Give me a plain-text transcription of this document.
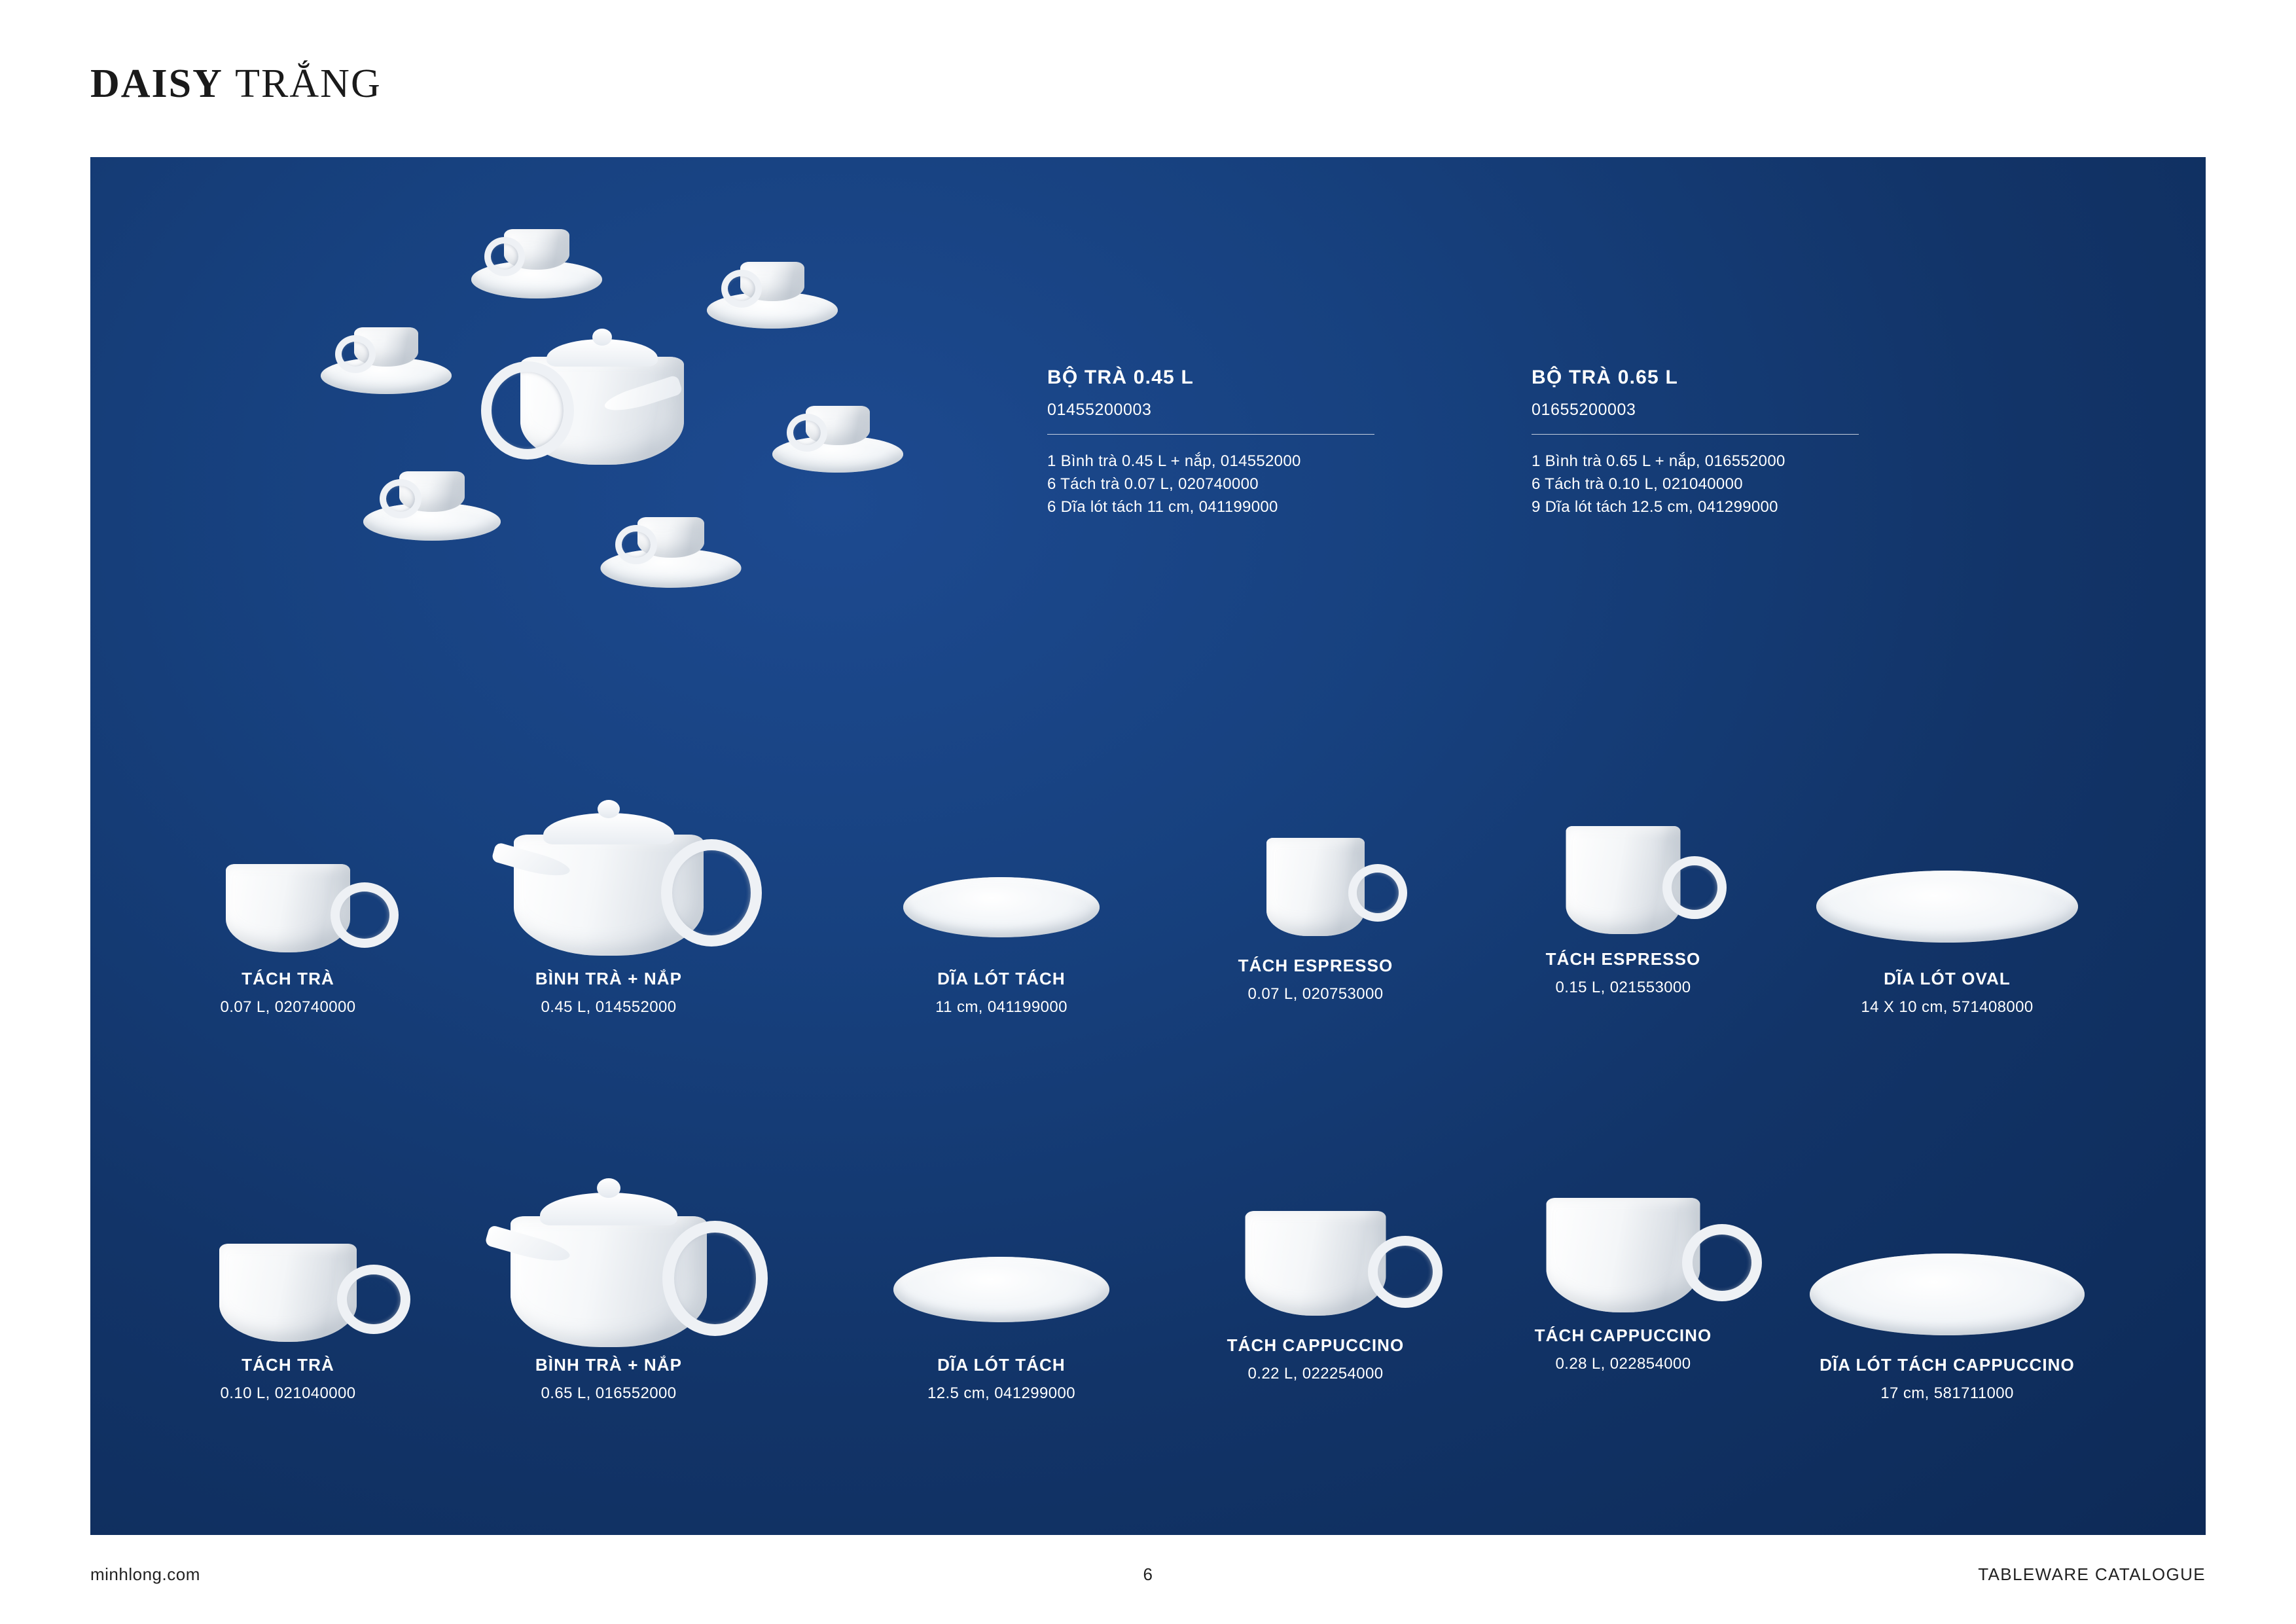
DAISY TRẮNG
BỘ TRÀ 0.45 L
01455200003
1 Bình trà 0.45 L + nắp, 014552000
6 Tách trà 0.07 L, 020740000
6 Dĩa lót tách 11 cm, 041199000
BỘ TRÀ 0.65 L
01655200003
1 Bình trà 0.65 L + nắp, 016552000
6 Tách trà 0.10 L, 021040000
9 Dĩa lót tách 12.5 cm, 041299000
TÁCH TRÀ
0.07 L, 020740000
BÌNH TRÀ + NẮP
0.45 L, 014552000
DĨA LÓT TÁCH
11 cm, 041199000
TÁCH ESPRESSO
0.07 L, 020753000
TÁCH ESPRESSO
0.15 L, 021553000	DĨA LÓT OVAL
14 X 10 cm, 571408000
TÁCH TRÀ
0.10 L, 021040000
BÌNH TRÀ + NẮP
0.65 L, 016552000
DĨA LÓT TÁCH
12.5 cm, 041299000
TÁCH CAPPUCCINO
0.22 L, 022254000
TÁCH CAPPUCCINO
0.28 L, 022854000	DĨA LÓT TÁCH CAPPUCCINO
17 cm, 581711000
minhlong.com	6	TABLEWARE CATALOGUE
